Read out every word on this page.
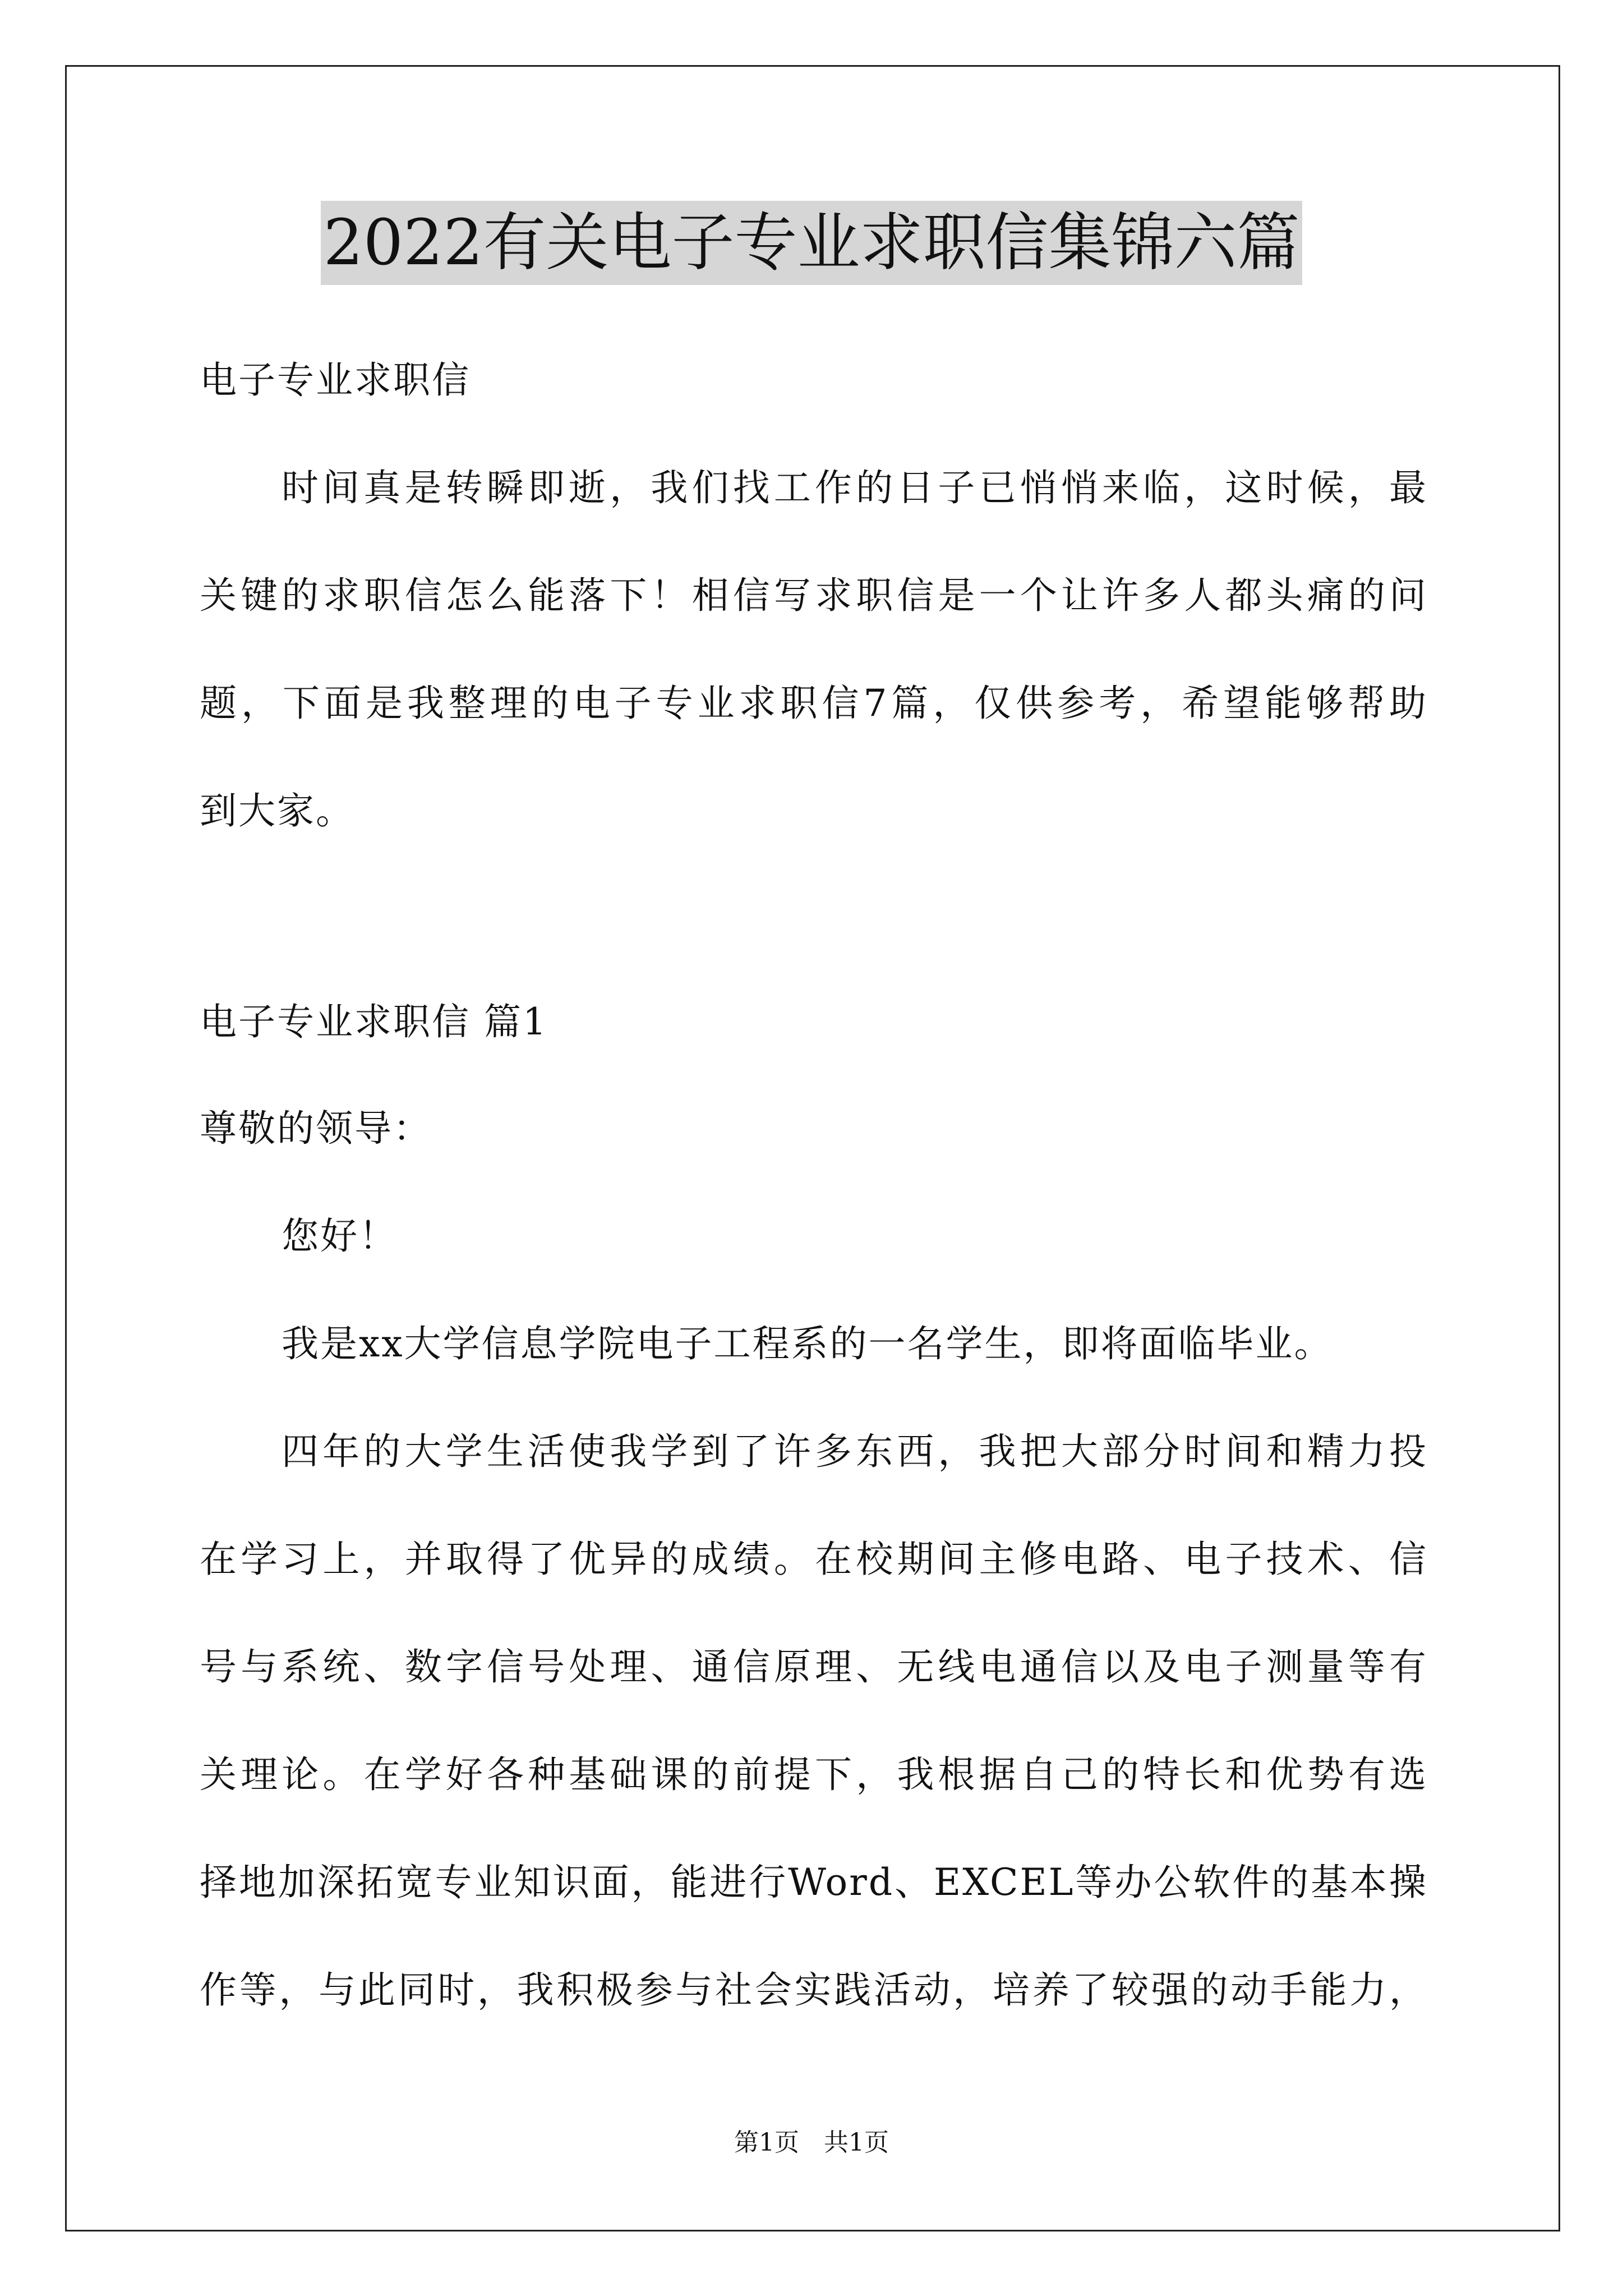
2022有关电子专业求职信集锦六篇
电子专业求职信
时间真是转瞬即逝，我们找工作的日子已悄悄来临，这时候，最
关键的求职信怎么能落下！相信写求职信是一个让许多人都头痛的问
题，下面是我整理的电子专业求职信7篇，仅供参考，希望能够帮助
到大家。
电子专业求职信 篇1
尊敬的领导：
您好！
我是xx大学信息学院电子工程系的一名学生，即将面临毕业。
四年的大学生活使我学到了许多东西，我把大部分时间和精力投
在学习上，并取得了优异的成绩。在校期间主修电路、电子技术、信
号与系统、数字信号处理、通信原理、无线电通信以及电子测量等有
关理论。在学好各种基础课的前提下，我根据自己的特长和优势有选
择地加深拓宽专业知识面，能进行Word、EXCEL等办公软件的基本操
作等，与此同时，我积极参与社会实践活动，培养了较强的动手能力，
第1页　共1页
